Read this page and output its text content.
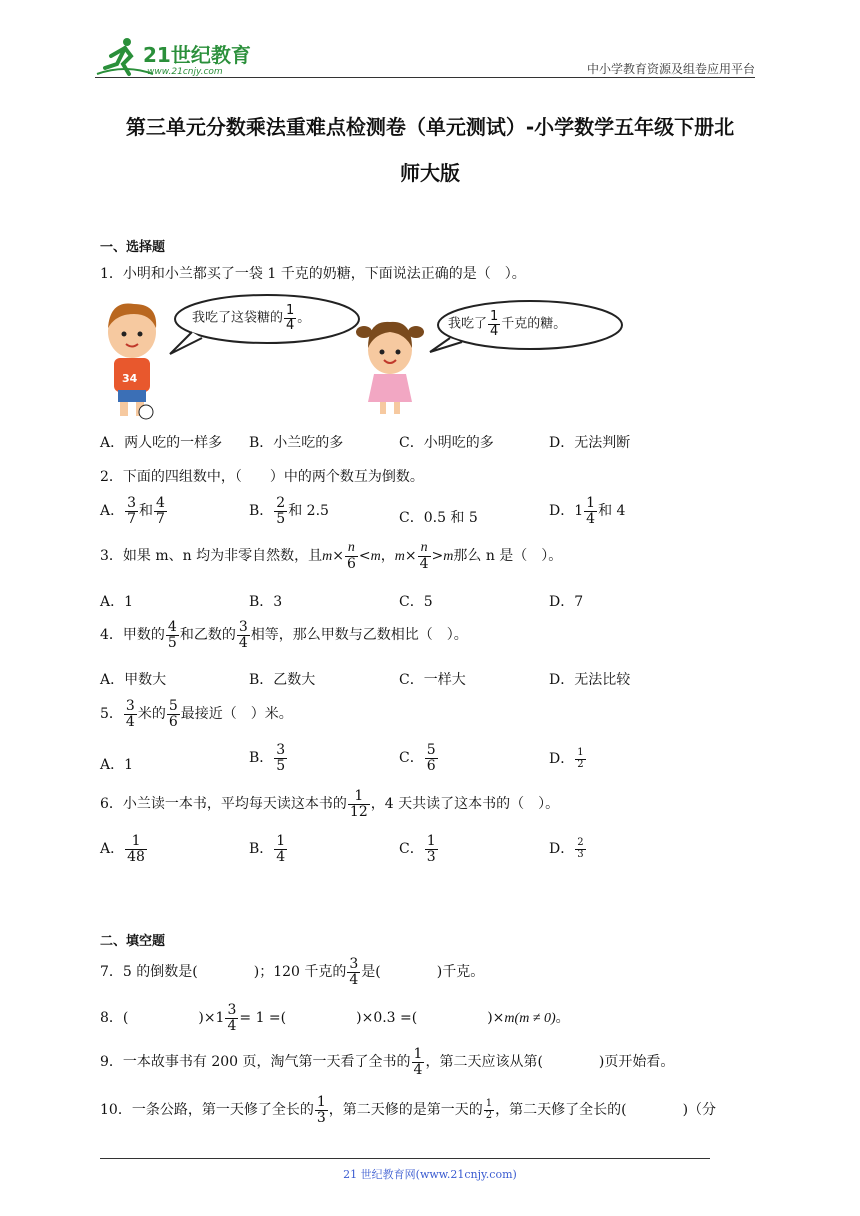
21世纪教育
www.21cnjy.com	中小学教育资源及组卷应用平台
第三单元分数乘法重难点检测卷（单元测试）-小学数学五年级下册北
师大版
一、选择题
1．小明和小兰都买了一袋 1 千克的奶糖，下面说法正确的是（　）。
34
我吃了这袋糖的 $\frac{1}{4}$ 。	我吃了 $\frac{1}{4}$ 千克的糖。
A．两人吃的一样多 B．小兰吃的多	C．小明吃的多	D．无法判断
2．下面的四组数中，（　　）中的两个数互为倒数。
A． $\frac{3}{7}$ 和 $\frac{4}{7}$	B． $\frac{2}{5}$ 和 2.5	C．0.5 和 5	D．$1 \frac{1}{4}$ 和 4
3．如果 m、n 均为非零自然数，且$m\times \frac{n}{6} <m$，$m\times \frac{n}{4} >m$那么 n 是（　）。
A．1	B．3	C．5	D．7
4．甲数的 $\frac{4}{5}$ 和乙数的 $\frac{3}{4}$ 相等，那么甲数与乙数相比（　）。
A．甲数大	B．乙数大	C．一样大	D．无法比较
5． $\frac{3}{4}$ 米的 $\frac{5}{6}$ 最接近（　）米。
A．1	B． $\frac{3}{5}$	C． $\frac{5}{6}$	D． $\frac{1}{2}$
6．小兰读一本书，平均每天读这本书的 $\frac{1}{12}$ ，4 天共读了这本书的（　）。
A． $\frac{1}{48}$	B． $\frac{1}{4}$	C． $\frac{1}{3}$	D． $\frac{2}{3}$
二、填空题
7．5 的倒数是(　　　　)；120 千克的 $\frac{3}{4}$ 是(　　　　)千克。
8．(　　　　　)$\times 1 \frac{3}{4} = 1$ =(　　　　　)×0.3 =(　　　　　)×m(m ≠ 0)。
9．一本故事书有 200 页，淘气第一天看了全书的 $\frac{1}{4}$ ，第二天应该从第(　　　　)页开始看。
10．一条公路，第一天修了全长的 $\frac{1}{3}$ ，第二天修的是第一天的 $\frac{1}{2}$ ，第二天修了全长的(　　　　)（分
21 世纪教育网(www.21cnjy.com)
